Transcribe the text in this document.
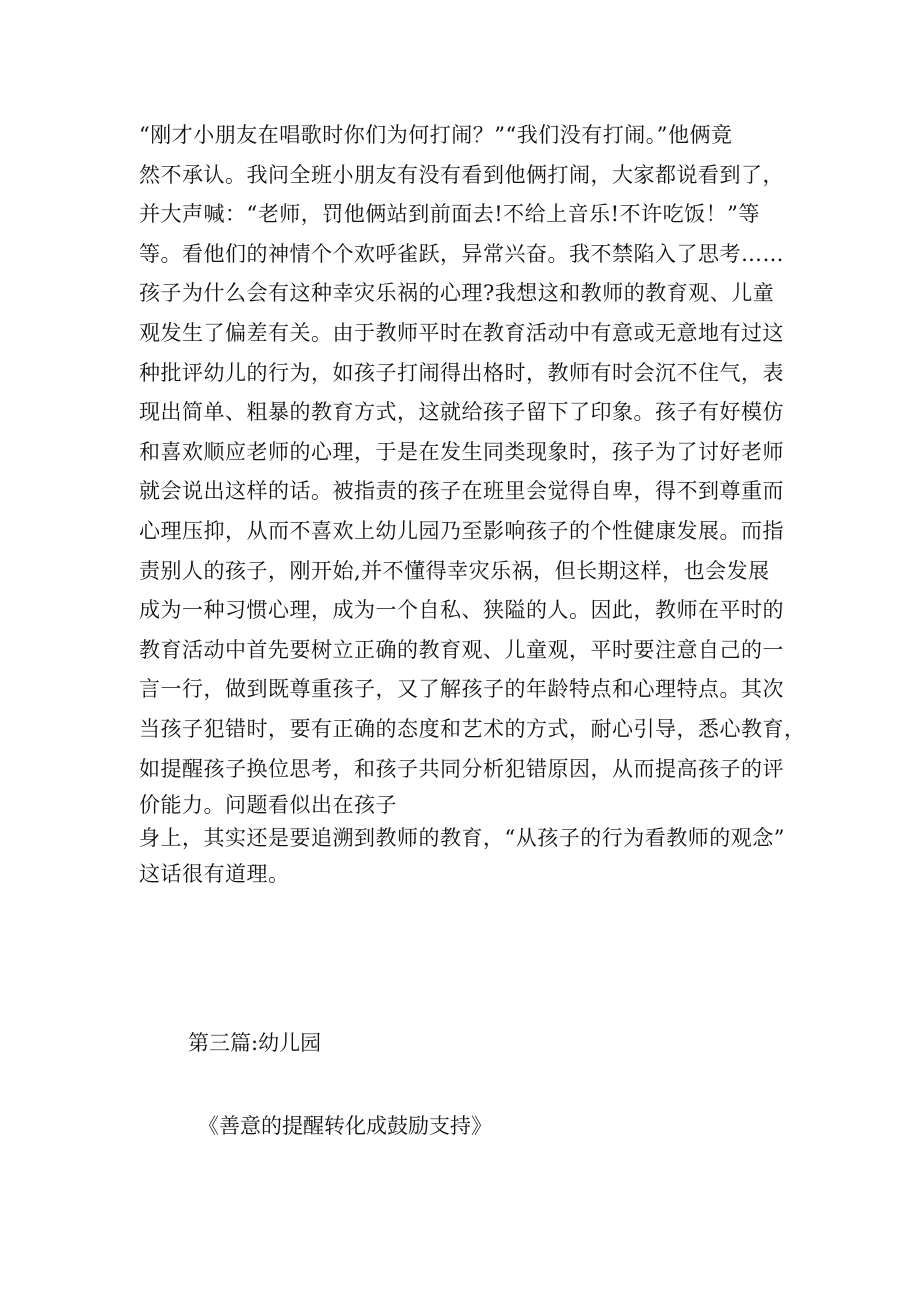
“刚才小朋友在唱歌时你们为何打闹？”“我们没有打闹。”他俩竟
然不承认。我问全班小朋友有没有看到他俩打闹，大家都说看到了，
并大声喊：“老师，罚他俩站到前面去!不给上音乐!不许吃饭！”等
等。看他们的神情个个欢呼雀跃，异常兴奋。我不禁陷入了思考……
孩子为什么会有这种幸灾乐祸的心理?我想这和教师的教育观、儿童
观发生了偏差有关。由于教师平时在教育活动中有意或无意地有过这
种批评幼儿的行为，如孩子打闹得出格时，教师有时会沉不住气，表
现出简单、粗暴的教育方式，这就给孩子留下了印象。孩子有好模仿
和喜欢顺应老师的心理，于是在发生同类现象时，孩子为了讨好老师
就会说出这样的话。被指责的孩子在班里会觉得自卑，得不到尊重而
心理压抑，从而不喜欢上幼儿园乃至影响孩子的个性健康发展。而指
责别人的孩子，刚开始,并不懂得幸灾乐祸，但长期这样，也会发展
成为一种习惯心理，成为一个自私、狭隘的人。因此，教师在平时的
教育活动中首先要树立正确的教育观、儿童观，平时要注意自己的一
言一行，做到既尊重孩子，又了解孩子的年龄特点和心理特点。其次
当孩子犯错时，要有正确的态度和艺术的方式，耐心引导，悉心教育，
如提醒孩子换位思考，和孩子共同分析犯错原因，从而提高孩子的评
价能力。问题看似出在孩子
身上，其实还是要追溯到教师的教育，“从孩子的行为看教师的观念”
这话很有道理。
第三篇:幼儿园
《善意的提醒转化成鼓励支持》
